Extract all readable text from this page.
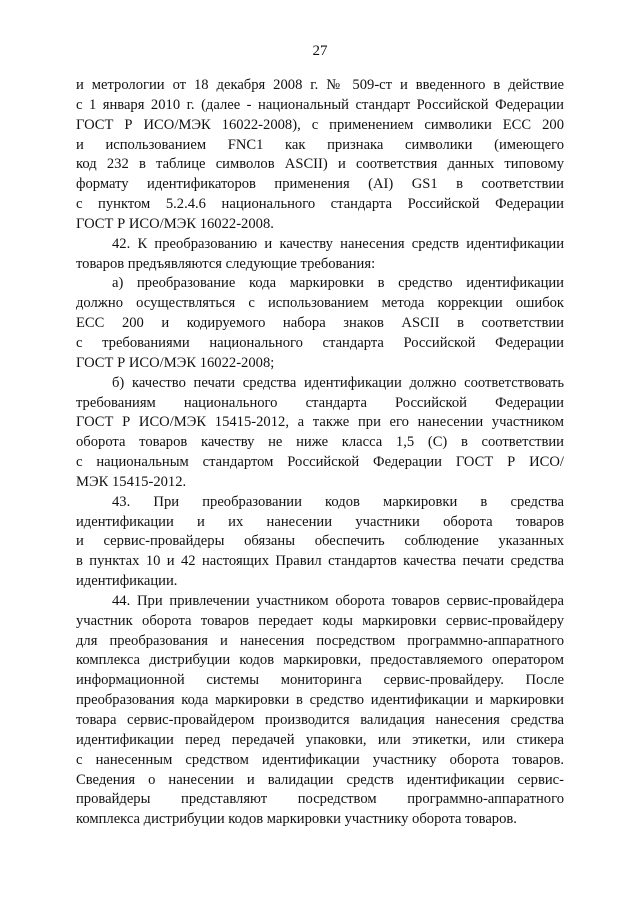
27
и метрологии от 18 декабря 2008 г. № 509-ст и введенного в действие
с 1 января 2010 г. (далее - национальный стандарт Российской Федерации
ГОСТ Р ИСО/МЭК 16022-2008), с применением символики ECC 200
и использованием FNC1 как признака символики (имеющего
код 232 в таблице символов ASCII) и соответствия данных типовому
формату идентификаторов применения (AI) GS1 в соответствии
с пунктом 5.2.4.6 национального стандарта Российской Федерации
ГОСТ Р ИСО/МЭК 16022-2008.
42. К преобразованию и качеству нанесения средств идентификации
товаров предъявляются следующие требования:
а) преобразование кода маркировки в средство идентификации
должно осуществляться с использованием метода коррекции ошибок
ECC 200 и кодируемого набора знаков ASCII в соответствии
с требованиями национального стандарта Российской Федерации
ГОСТ Р ИСО/МЭК 16022-2008;
б) качество печати средства идентификации должно соответствовать
требованиям национального стандарта Российской Федерации
ГОСТ Р ИСО/МЭК 15415-2012, а также при его нанесении участником
оборота товаров качеству не ниже класса 1,5 (C) в соответствии
с национальным стандартом Российской Федерации ГОСТ Р ИСО/
МЭК 15415-2012.
43. При преобразовании кодов маркировки в средства
идентификации и их нанесении участники оборота товаров
и сервис-провайдеры обязаны обеспечить соблюдение указанных
в пунктах 10 и 42 настоящих Правил стандартов качества печати средства
идентификации.
44. При привлечении участником оборота товаров сервис-провайдера
участник оборота товаров передает коды маркировки сервис-провайдеру
для преобразования и нанесения посредством программно-аппаратного
комплекса дистрибуции кодов маркировки, предоставляемого оператором
информационной системы мониторинга сервис-провайдеру. После
преобразования кода маркировки в средство идентификации и маркировки
товара сервис-провайдером производится валидация нанесения средства
идентификации перед передачей упаковки, или этикетки, или стикера
с нанесенным средством идентификации участнику оборота товаров.
Сведения о нанесении и валидации средств идентификации сервис-
провайдеры представляют посредством программно-аппаратного
комплекса дистрибуции кодов маркировки участнику оборота товаров.
